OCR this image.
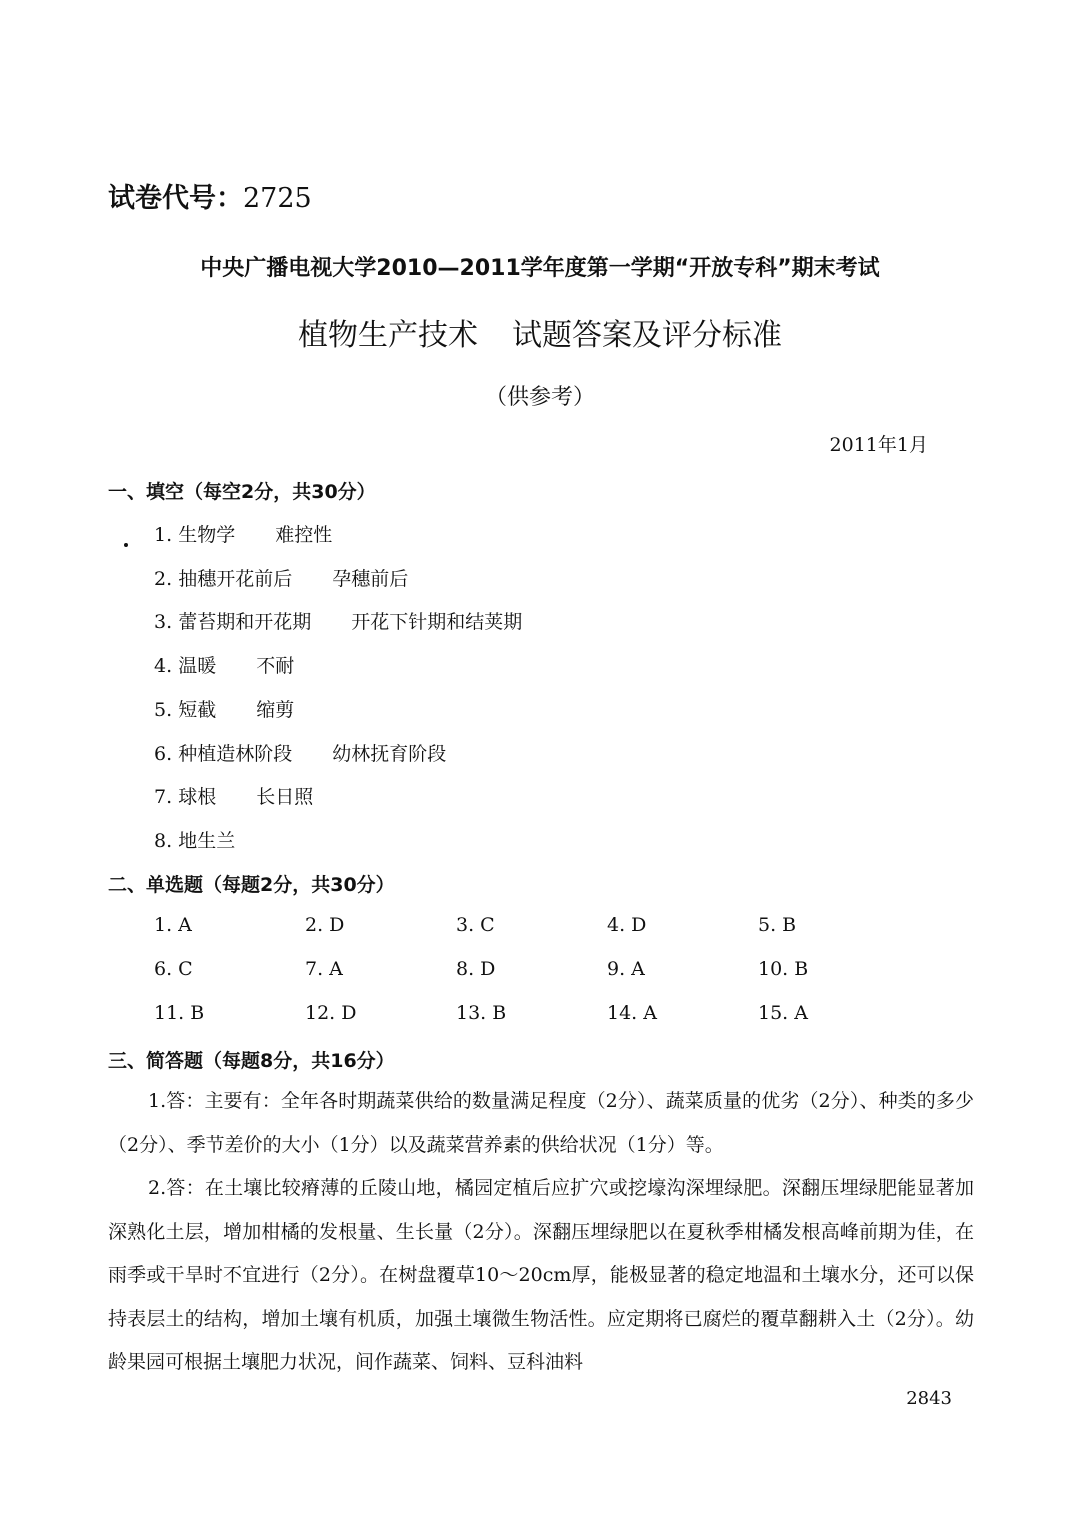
试卷代号：2725
中央广播电视大学2010—2011学年度第一学期“开放专科”期末考试
植物生产技术 试题答案及评分标准
（供参考）
2011年1月
一、填空（每空2分，共30分）
1. 生物学 难控性
2. 抽穗开花前后 孕穗前后
3. 蕾苔期和开花期 开花下针期和结荚期
4. 温暖 不耐
5. 短截 缩剪
6. 种植造林阶段 幼林抚育阶段
7. 球根 长日照
8. 地生兰
二、单选题（每题2分，共30分）
1. A	2. D	3. C	4. D	5. B
6. C	7. A	8. D	9. A	10. B
11. B	12. D	13. B	14. A	15. A
三、简答题（每题8分，共16分）
1.答：主要有：全年各时期蔬菜供给的数量满足程度（2分）、蔬菜质量的优劣（2分）、种类的多少（2分）、季节差价的大小（1分）以及蔬菜营养素的供给状况（1分）等。
2.答：在土壤比较瘠薄的丘陵山地，橘园定植后应扩穴或挖壕沟深埋绿肥。深翻压埋绿肥能显著加深熟化土层，增加柑橘的发根量、生长量（2分）。深翻压埋绿肥以在夏秋季柑橘发根高峰前期为佳，在雨季或干旱时不宜进行（2分）。在树盘覆草10～20cm厚，能极显著的稳定地温和土壤水分，还可以保持表层土的结构，增加土壤有机质，加强土壤微生物活性。应定期将已腐烂的覆草翻耕入土（2分）。幼龄果园可根据土壤肥力状况，间作蔬菜、饲料、豆科油料
2843
